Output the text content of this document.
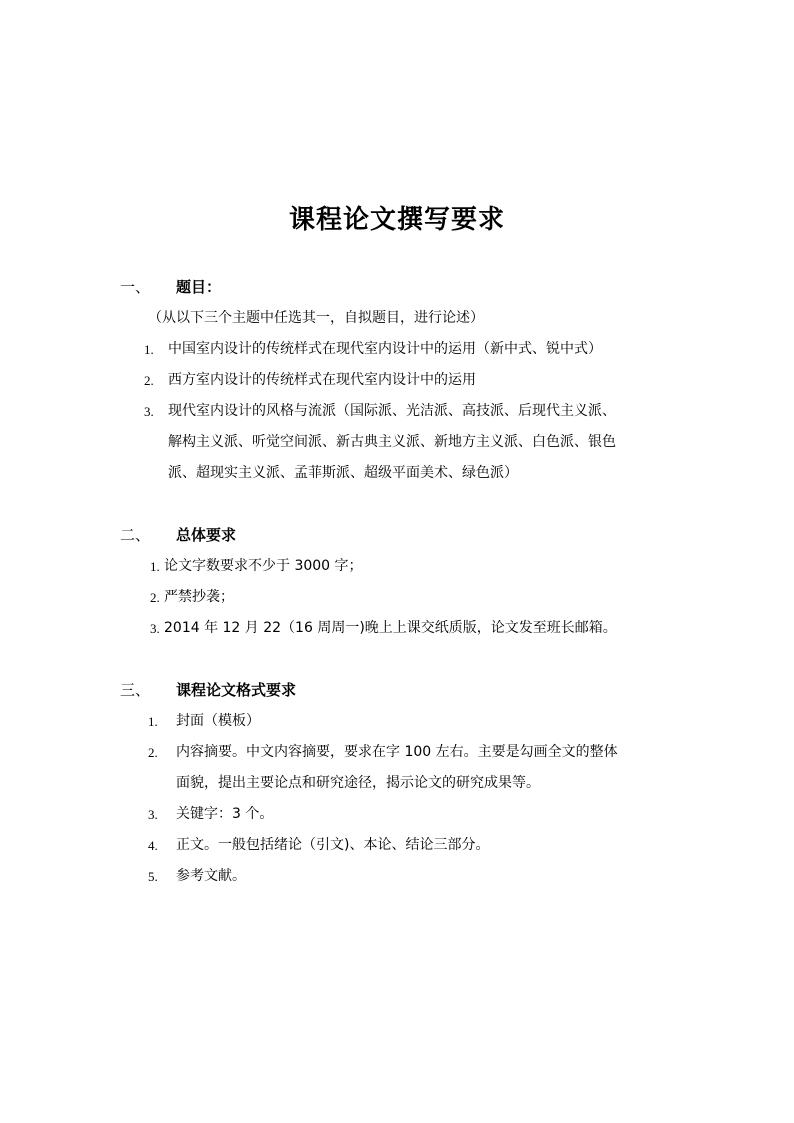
课程论文撰写要求
一、 题目：
（从以下三个主题中任选其一，自拟题目，进行论述）
1. 中国室内设计的传统样式在现代室内设计中的运用（新中式、锐中式）
2. 西方室内设计的传统样式在现代室内设计中的运用
3. 现代室内设计的风格与流派（国际派、光洁派、高技派、后现代主义派、
解构主义派、听觉空间派、新古典主义派、新地方主义派、白色派、银色
派、超现实主义派、孟菲斯派、超级平面美术、绿色派）
二、 总体要求
1. 论文字数要求不少于 3000 字；
2. 严禁抄袭；
3. 2014 年 12 月 22（16 周周一)晚上上课交纸质版，论文发至班长邮箱。
三、 课程论文格式要求
1. 封面（模板）
2. 内容摘要。中文内容摘要，要求在字 100 左右。主要是勾画全文的整体
面貌，提出主要论点和研究途径，揭示论文的研究成果等。
3. 关键字：3 个。
4. 正文。一般包括绪论（引文)、本论、结论三部分。
5. 参考文献。
